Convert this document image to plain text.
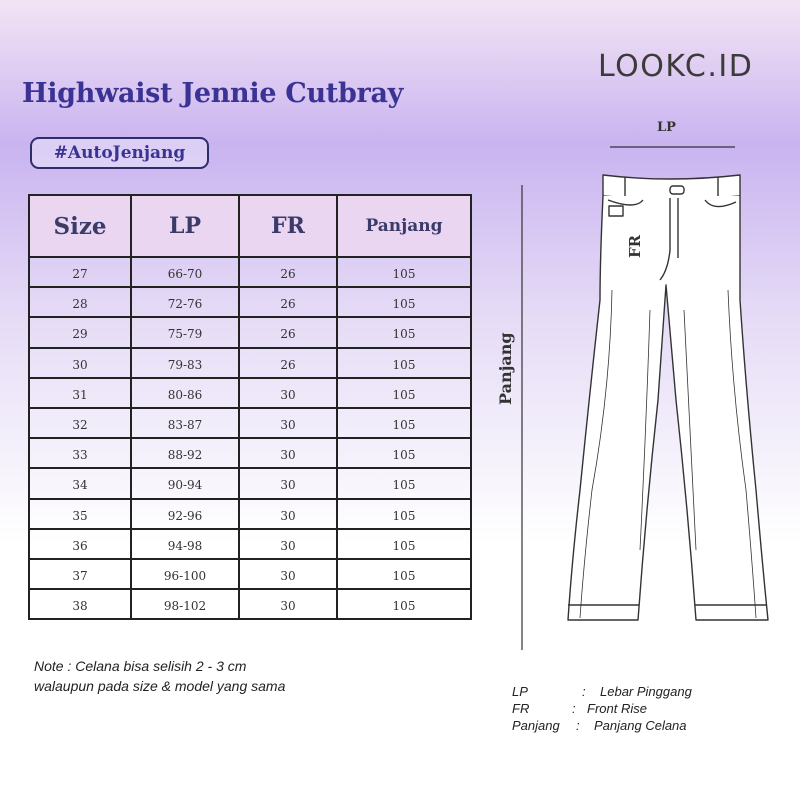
Highwaist Jennie Cutbray
#AutoJenjang
LOOKC.ID
Size	LP	FR	Panjang
27	66-70	26	105
28	72-76	26	105
29	75-79	26	105
30	79-83	26	105
31	80-86	30	105
32	83-87	30	105
33	88-92	30	105
34	90-94	30	105
35	92-96	30	105
36	94-98	30	105
37	96-100	30	105
38	98-102	30	105
Note : Celana bisa selisih 2 - 3 cm
walaupun pada size & model yang sama
LP
FR
Panjang
LP	: Lebar Pinggang
FR	: Front Rise
Panjang : Panjang Celana
